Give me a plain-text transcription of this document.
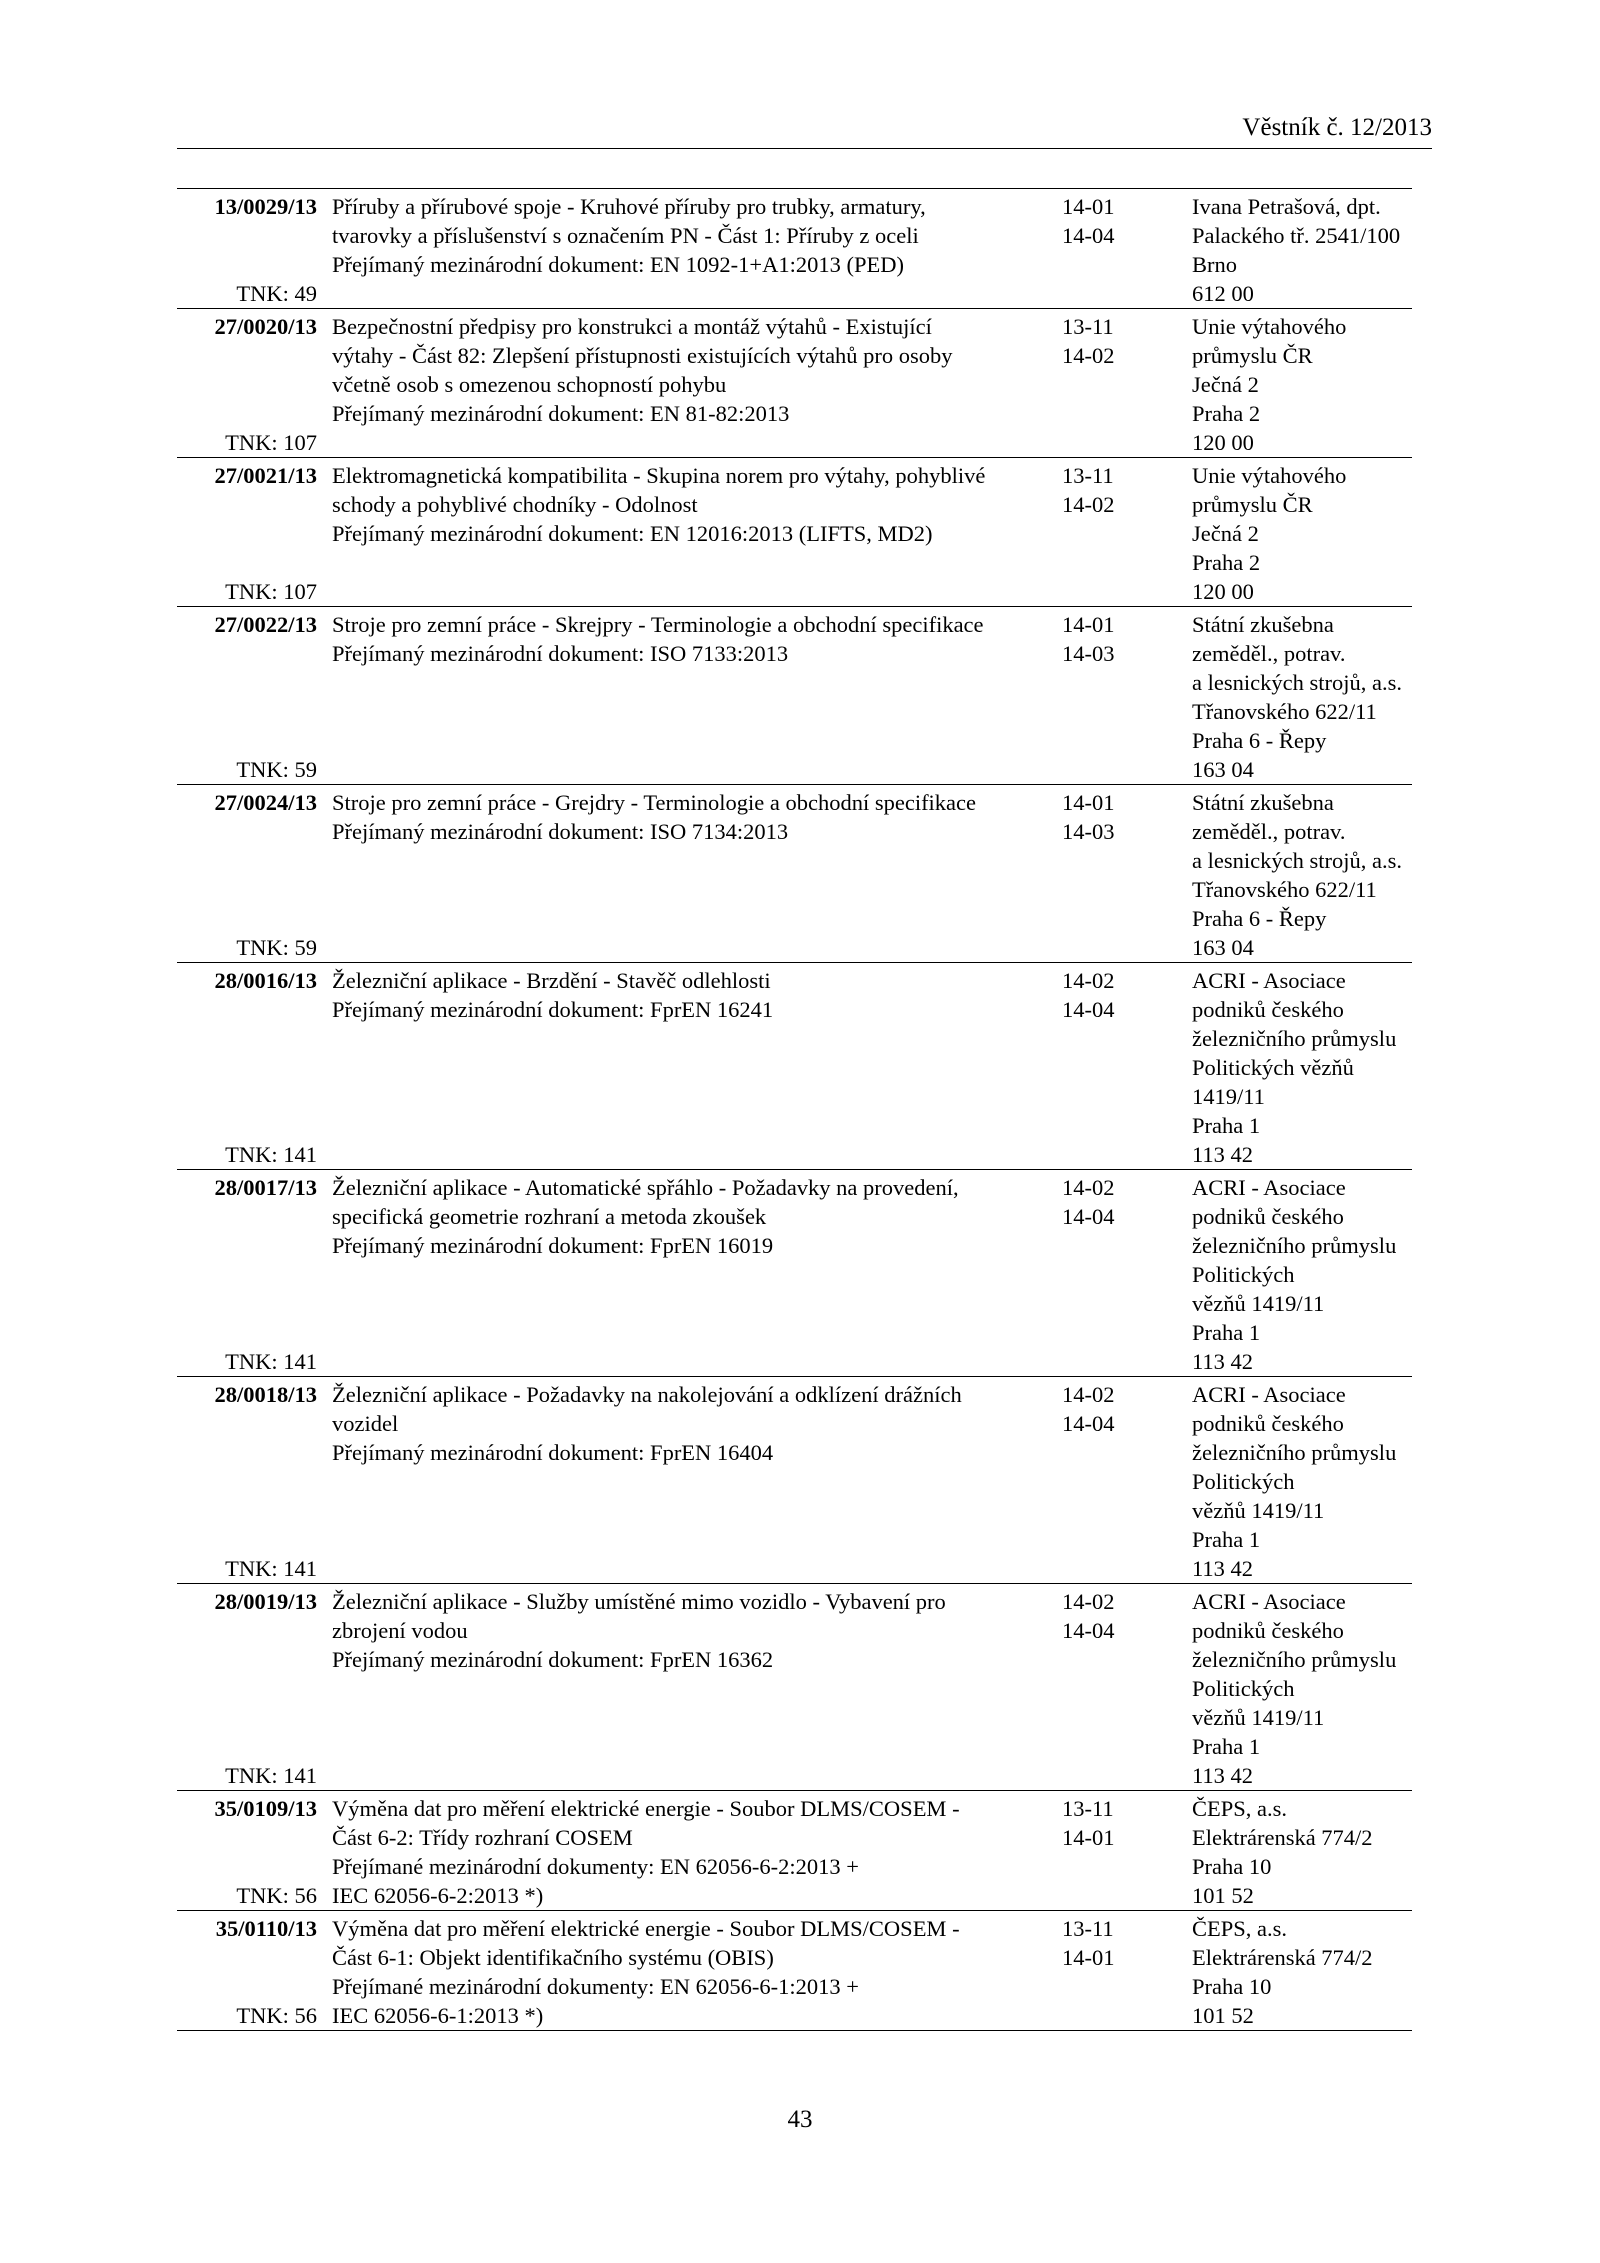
Věstník č. 12/2013
13/0029/13
TNK: 49
Příruby a přírubové spoje - Kruhové příruby pro trubky, armatury,
tvarovky a příslušenství s označením PN - Část 1: Příruby z oceli
Přejímaný mezinárodní dokument: EN 1092-1+A1:2013 (PED)
14-01
14-04
Ivana Petrašová, dpt.
Palackého tř. 2541/100
Brno
612 00
27/0020/13
TNK: 107
Bezpečnostní předpisy pro konstrukci a montáž výtahů - Existující
výtahy - Část 82: Zlepšení přístupnosti existujících výtahů pro osoby
včetně osob s omezenou schopností pohybu
Přejímaný mezinárodní dokument: EN 81-82:2013
13-11
14-02
Unie výtahového
průmyslu ČR
Ječná 2
Praha 2
120 00
27/0021/13
TNK: 107
Elektromagnetická kompatibilita - Skupina norem pro výtahy, pohyblivé
schody a pohyblivé chodníky - Odolnost
Přejímaný mezinárodní dokument: EN 12016:2013 (LIFTS, MD2)
13-11
14-02
Unie výtahového
průmyslu ČR
Ječná 2
Praha 2
120 00
27/0022/13
TNK: 59
Stroje pro zemní práce - Skrejpry - Terminologie a obchodní specifikace
Přejímaný mezinárodní dokument: ISO 7133:2013
14-01
14-03
Státní zkušebna
zeměděl., potrav.
a lesnických strojů, a.s.
Třanovského 622/11
Praha 6 - Řepy
163 04
27/0024/13
TNK: 59
Stroje pro zemní práce - Grejdry - Terminologie a obchodní specifikace
Přejímaný mezinárodní dokument: ISO 7134:2013
14-01
14-03
Státní zkušebna
zeměděl., potrav.
a lesnických strojů, a.s.
Třanovského 622/11
Praha 6 - Řepy
163 04
28/0016/13
TNK: 141
Železniční aplikace - Brzdění - Stavěč odlehlosti
Přejímaný mezinárodní dokument: FprEN 16241
14-02
14-04
ACRI - Asociace
podniků českého
železničního průmyslu
Politických vězňů
1419/11
Praha 1
113 42
28/0017/13
TNK: 141
Železniční aplikace - Automatické spřáhlo - Požadavky na provedení,
specifická geometrie rozhraní a metoda zkoušek
Přejímaný mezinárodní dokument: FprEN 16019
14-02
14-04
ACRI - Asociace
podniků českého
železničního průmyslu
Politických
vězňů 1419/11
Praha 1
113 42
28/0018/13
TNK: 141
Železniční aplikace - Požadavky na nakolejování a odklízení drážních
vozidel
Přejímaný mezinárodní dokument: FprEN 16404
14-02
14-04
ACRI - Asociace
podniků českého
železničního průmyslu
Politických
vězňů 1419/11
Praha 1
113 42
28/0019/13
TNK: 141
Železniční aplikace - Služby umístěné mimo vozidlo - Vybavení pro
zbrojení vodou
Přejímaný mezinárodní dokument: FprEN 16362
14-02
14-04
ACRI - Asociace
podniků českého
železničního průmyslu
Politických
vězňů 1419/11
Praha 1
113 42
35/0109/13
TNK: 56
Výměna dat pro měření elektrické energie - Soubor DLMS/COSEM -
Část 6-2: Třídy rozhraní COSEM
Přejímané mezinárodní dokumenty: EN 62056-6-2:2013 +
IEC 62056-6-2:2013 *)
13-11
14-01
ČEPS, a.s.
Elektrárenská 774/2
Praha 10
101 52
35/0110/13
TNK: 56
Výměna dat pro měření elektrické energie - Soubor DLMS/COSEM -
Část 6-1: Objekt identifikačního systému (OBIS)
Přejímané mezinárodní dokumenty: EN 62056-6-1:2013 +
IEC 62056-6-1:2013 *)
13-11
14-01
ČEPS, a.s.
Elektrárenská 774/2
Praha 10
101 52
43
